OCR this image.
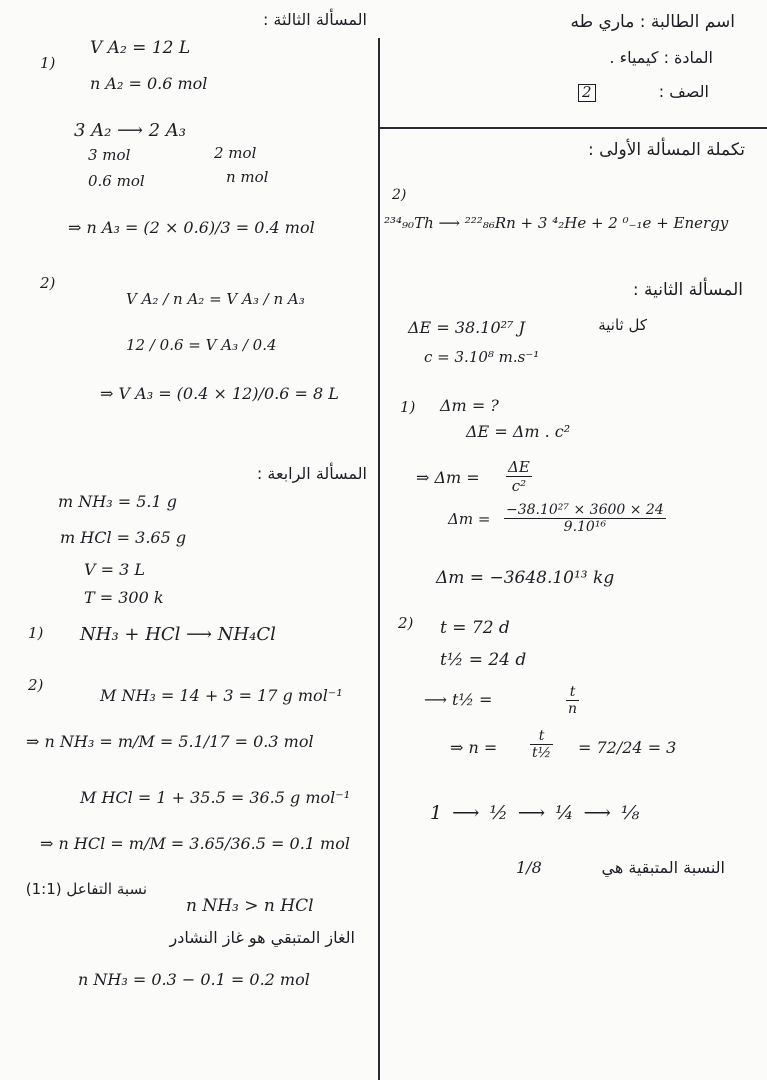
اسم الطالبة : ماري طه
المادة : كيمياء .
الصف :
2
تكملة المسألة الأولى :
2)
²³⁴₉₀Th ⟶ ²²²₈₆Rn + 3 ⁴₂He + 2 ⁰₋₁e + Energy
المسألة الثانية :
كل ثانية
ΔE = 38.10²⁷ J
c = 3.10⁸ m.s⁻¹
1) Δm = ?
ΔE = Δm . c²
⇒ $\Delta m = \frac{\Delta E}{\text{c²}}$
$\Delta m = \frac{\text{−38.10²⁷ × 3600 × 24}}{\text{9.10¹⁶}}$
Δm = −3648.10¹³ kg
2) t = 72 d
t½ = 24 d
⟶ t½ =	$\frac{t}{n}$
⇒ $n = \frac{t}{\text{t½}} = 72/24 = 3$
1 ⟶ ½ ⟶ ¼ ⟶ ⅛
النسبة المتبقية هي
1/8
المسألة الثالثة :
1)
V A₂ = 12 L
n A₂ = 0.6 mol
3 A₂ ⟶ 2 A₃
3 mol	2 mol
0.6 mol	n mol
⇒ n A₃ = (2 × 0.6)/3 = 0.4 mol
2)
V A₂ / n A₂ = V A₃ / n A₃
12 / 0.6 = V A₃ / 0.4
⇒ V A₃ = (0.4 × 12)/0.6 = 8 L
المسألة الرابعة :
m NH₃ = 5.1 g
m HCl = 3.65 g
V = 3 L
T = 300 k
1) NH₃ + HCl ⟶ NH₄Cl
2)
M NH₃ = 14 + 3 = 17 g mol⁻¹
⇒ n NH₃ = m/M = 5.1/17 = 0.3 mol
M HCl = 1 + 35.5 = 36.5 g mol⁻¹
⇒ n HCl = m/M = 3.65/36.5 = 0.1 mol
n NH₃ > n HCl
نسبة التفاعل (1:1)
الغاز المتبقي هو غاز النشادر
n NH₃ = 0.3 − 0.1 = 0.2 mol
